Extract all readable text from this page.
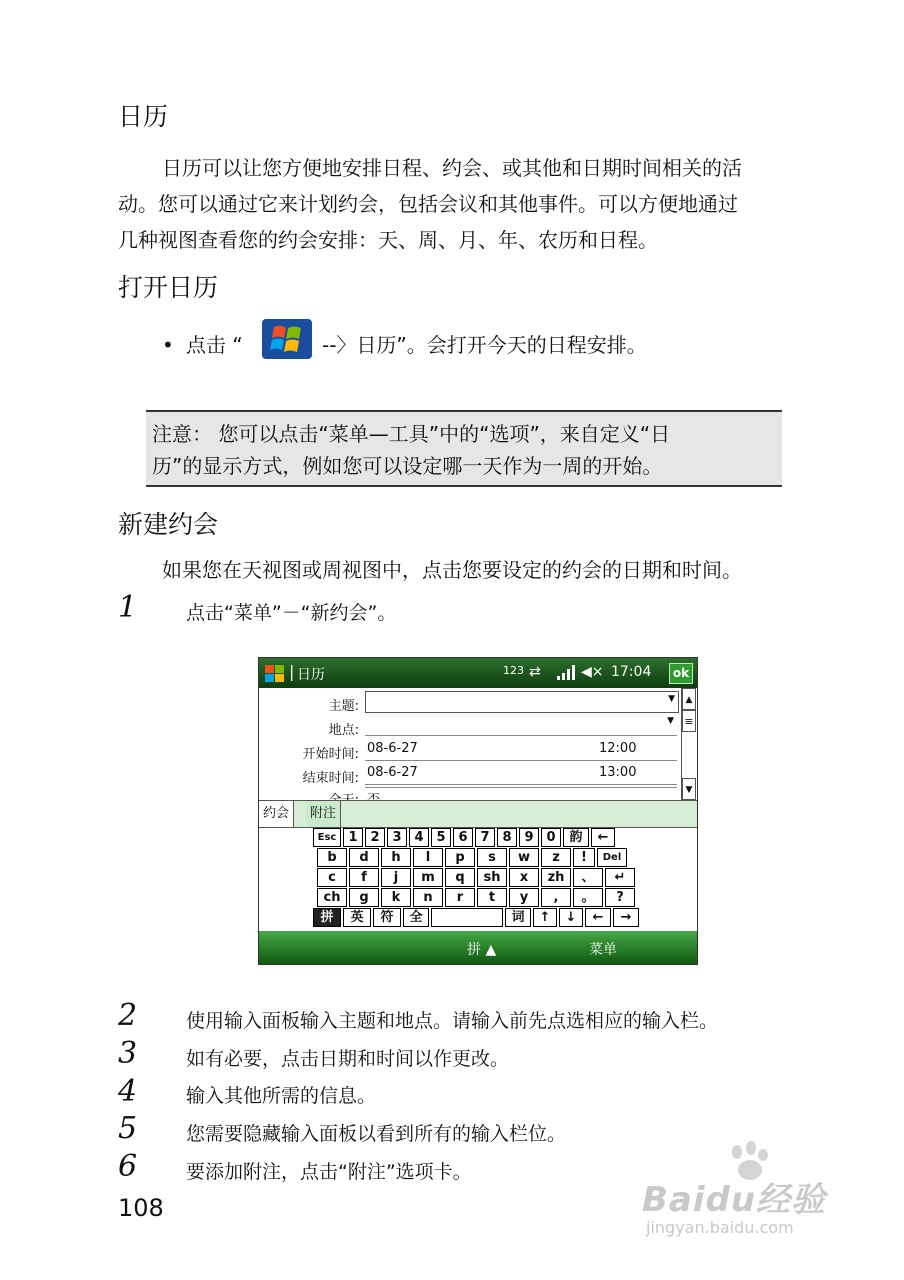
日历
日历可以让您方便地安排日程、约会、或其他和日期时间相关的活
动。您可以通过它来计划约会，包括会议和其他事件。可以方便地通过
几种视图查看您的约会安排：天、周、月、年、农历和日程。
打开日历
• 点击 “	--〉日历”。会打开今天的日程安排。
注意： 您可以点击“菜单—工具”中的“选项”，来自定义“日
历”的显示方式，例如您可以设定哪一天作为一周的开始。
新建约会
如果您在天视图或周视图中，点击您要设定的约会的日期和时间。
1	点击“菜单”－“新约会”。
| 日历	123 ⇄	◀× 17:04	ok
主题:	▼
地点:
▼
开始时间: 08-6-27	12:00
结束时间: 08-6-27	13:00
▲
≡
▼
约会	附注
Esc 1 2 3 4 5 6 7 8 9 0	韵	←
b	d	h	l	p	s	w	z	!	Del
c	f	j	m	q	sh	x	zh	、	↵
ch	g	k	n	r	t	y	,	。	?
拼	英	符	全	词	↑	↓	←	→
拼 ▲	菜单
2	使用输入面板输入主题和地点。请输入前先点选相应的输入栏。
3	如有必要，点击日期和时间以作更改。
4	输入其他所需的信息。
5	您需要隐藏输入面板以看到所有的输入栏位。
6	要添加附注，点击“附注”选项卡。
108	Baidu经验
jingyan.baidu.com
